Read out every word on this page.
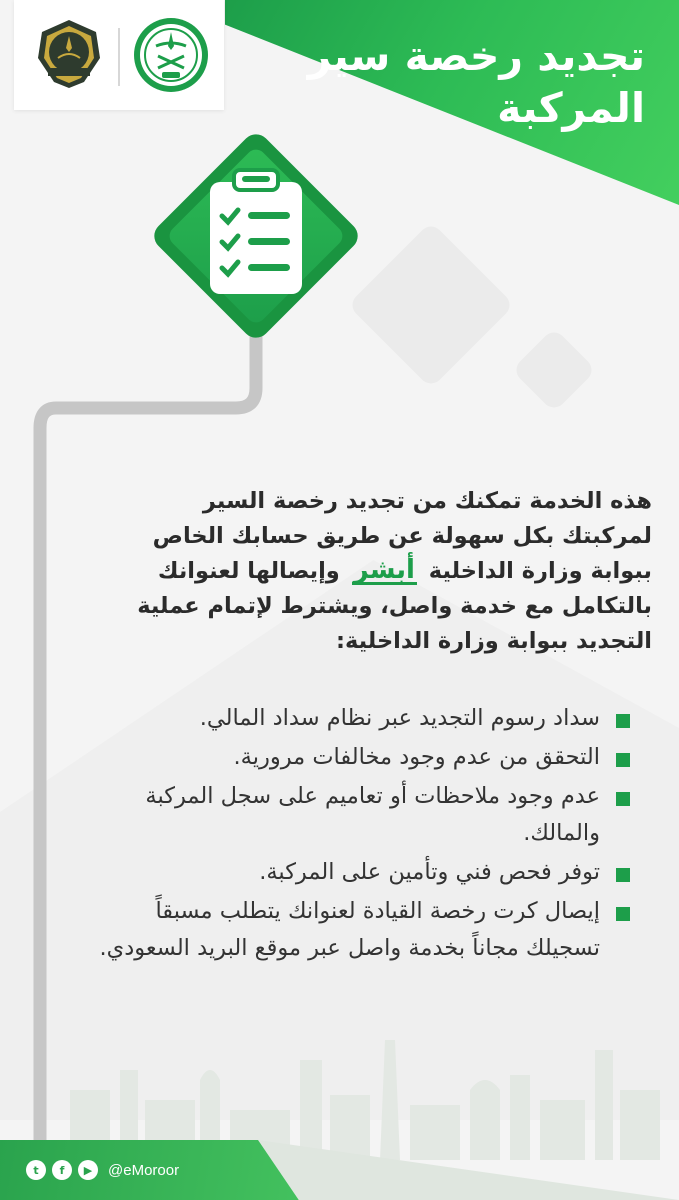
تجديد رخصة سير
المركبة
هذه الخدمة تمكنك من تجديد رخصة السير
لمركبتك بكل سهولة عن طريق حسابك الخاص
ببوابة وزارة الداخلية أبشر وإيصالها لعنوانك
بالتكامل مع خدمة واصل، ويشترط لإتمام عملية
التجديد ببوابة وزارة الداخلية:
سداد رسوم التجديد عبر نظام سداد المالي.
التحقق من عدم وجود مخالفات مرورية.
عدم وجود ملاحظات أو تعاميم على سجل المركبة والمالك.
توفر فحص فني وتأمين على المركبة.
إيصال كرت رخصة القيادة لعنوانك يتطلب مسبقاً تسجيلك مجاناً بخدمة واصل عبر موقع البريد السعودي.
t	f	▶	@eMoroor
